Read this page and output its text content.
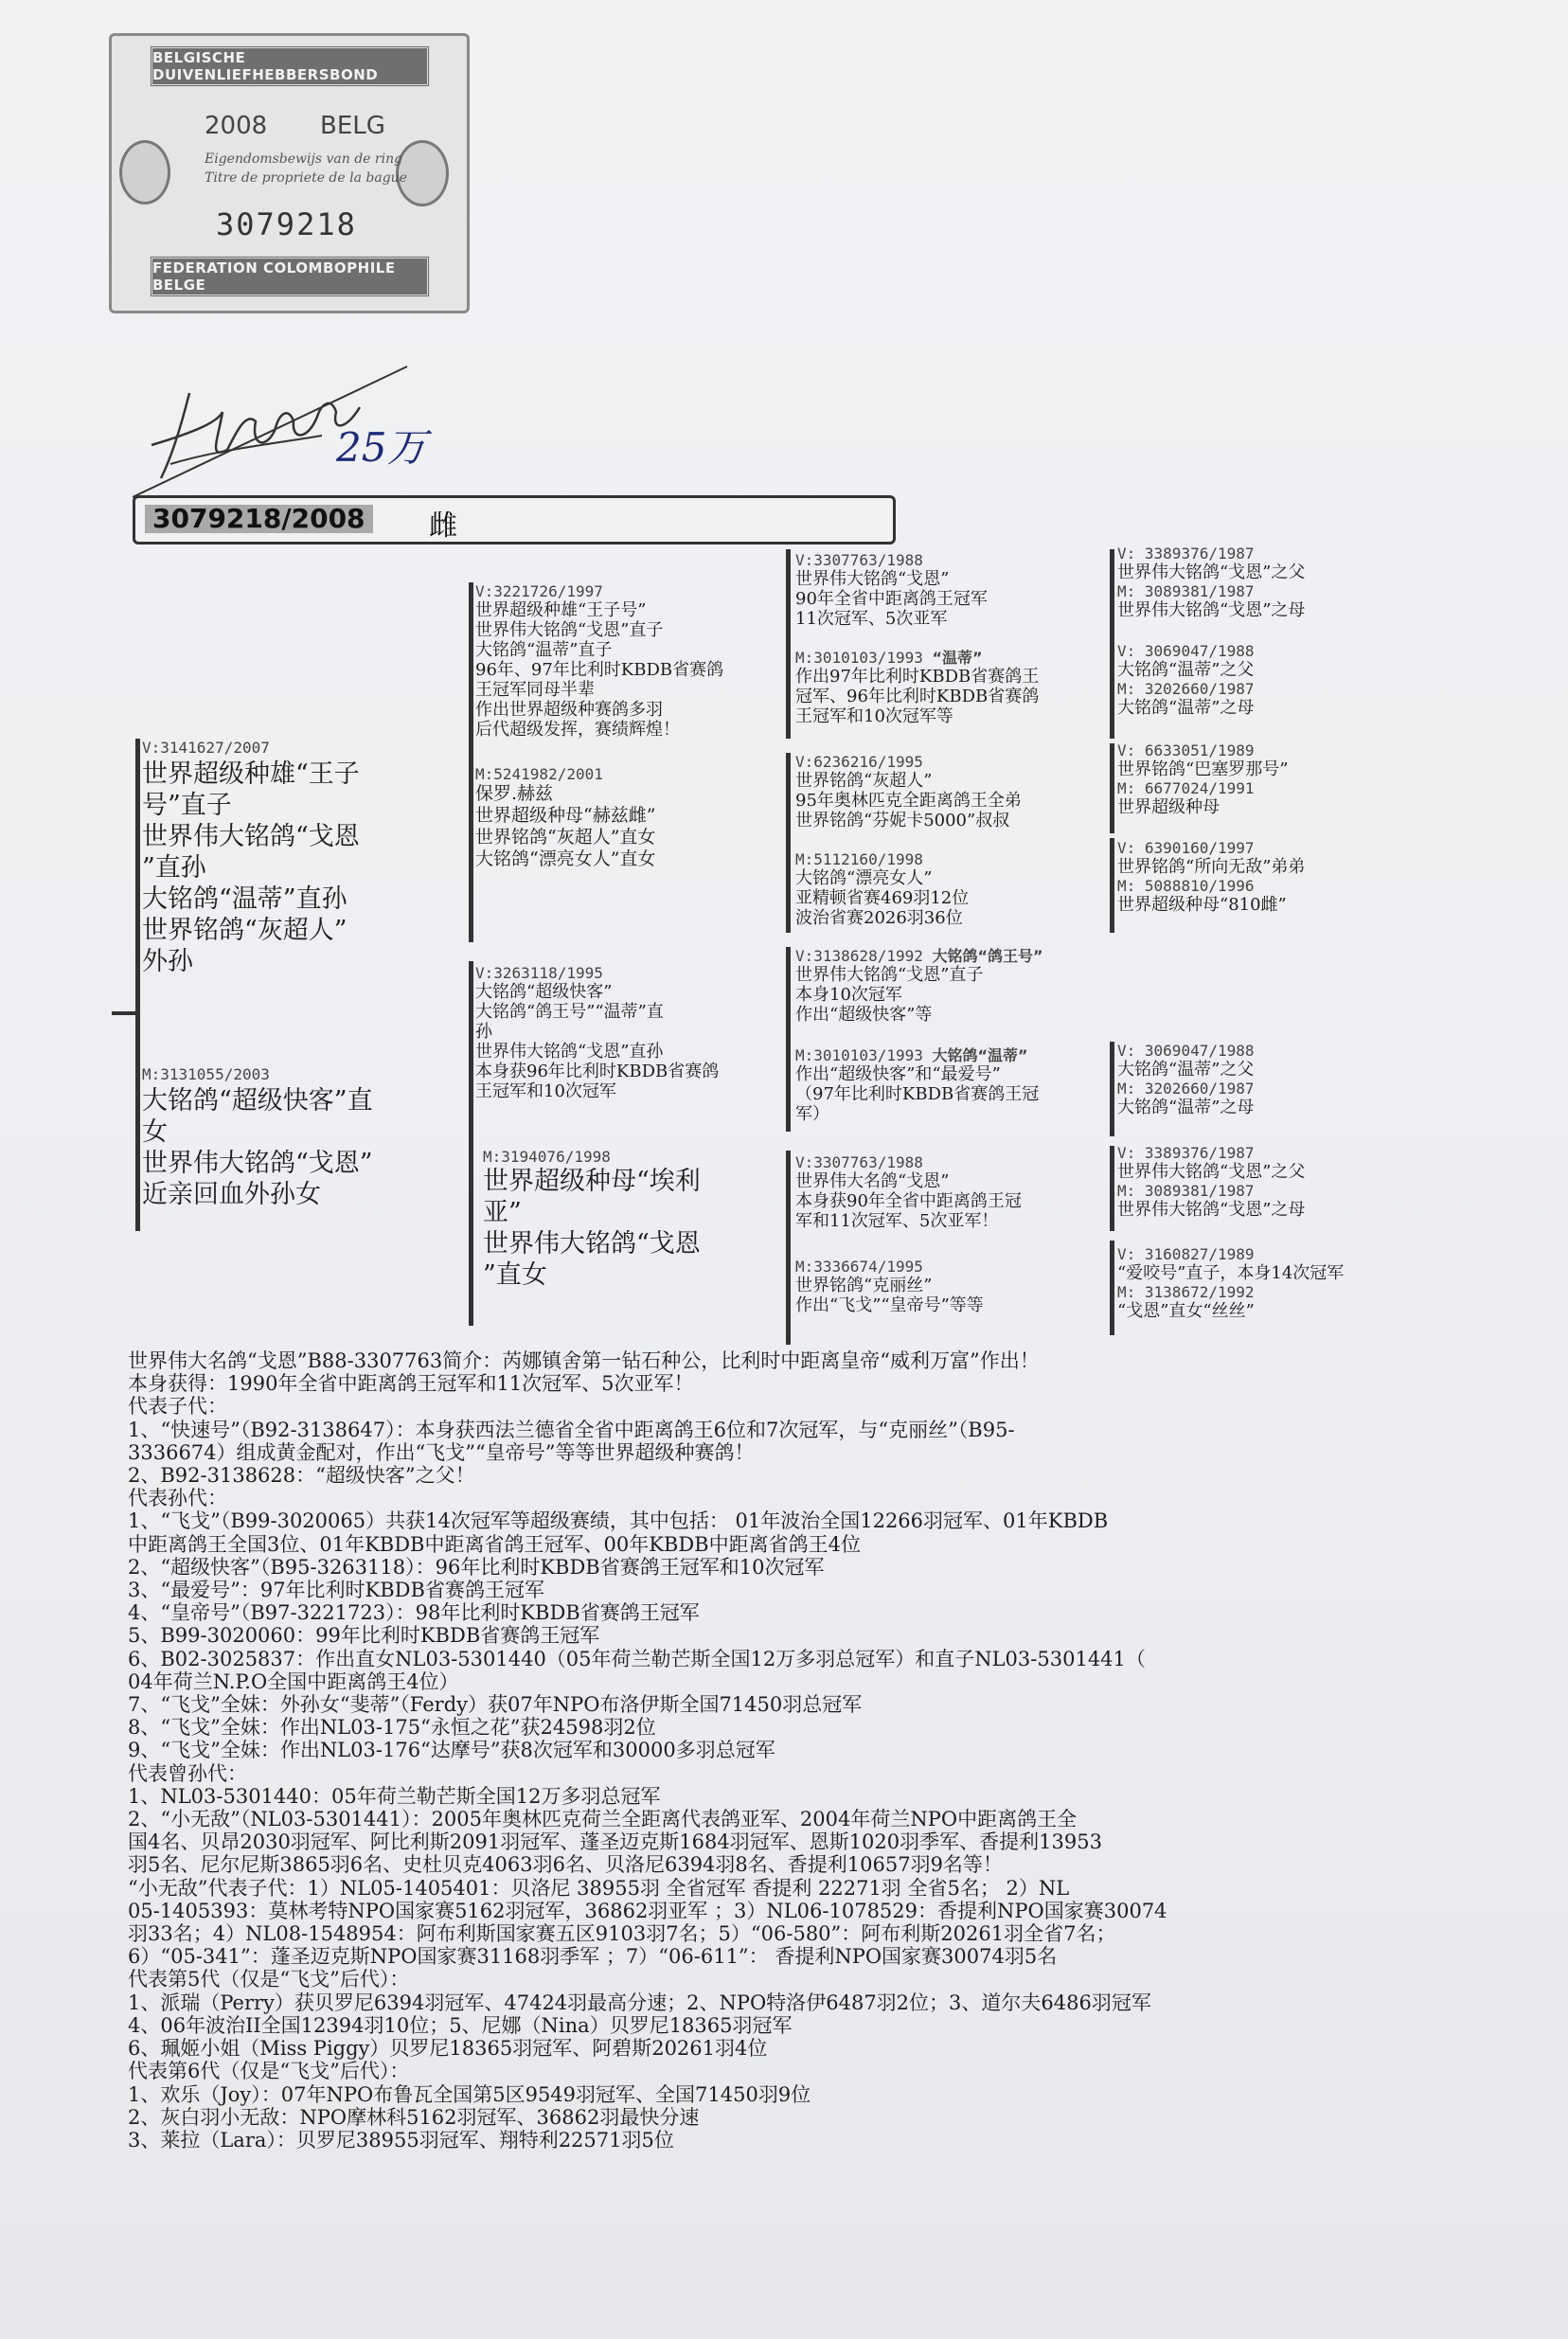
BELGISCHE DUIVENLIEFHEBBERSBOND
2008 BELG
Eigendomsbewijs van de ring
Titre de propriete de la bague
3079218
FEDERATION COLOMBOPHILE BELGE
25万
3079218/2008 雌
V:3141627/2007
世界超级种雄“王子
号”直子
世界伟大铭鸽“戈恩
”直孙
大铭鸽“温蒂”直孙
世界铭鸽“灰超人”
外孙
M:3131055/2003
大铭鸽“超级快客”直
女
世界伟大铭鸽“戈恩”
近亲回血外孙女
V:3221726/1997
世界超级种雄“王子号”
世界伟大铭鸽“戈恩”直子
大铭鸽“温蒂”直子
96年、97年比利时KBDB省赛鸽
王冠军同母半辈
作出世界超级种赛鸽多羽
后代超级发挥，赛绩辉煌！
M:5241982/2001
保罗.赫兹
世界超级种母“赫兹雌”
世界铭鸽“灰超人”直女
大铭鸽“漂亮女人”直女
V:3263118/1995
大铭鸽“超级快客”
大铭鸽“鸽王号”“温蒂”直
孙
世界伟大铭鸽“戈恩”直孙
本身获96年比利时KBDB省赛鸽
王冠军和10次冠军
M:3194076/1998
世界超级种母“埃利
亚”
世界伟大铭鸽“戈恩
”直女
V:3307763/1988
世界伟大铭鸽“戈恩”
90年全省中距离鸽王冠军
11次冠军、5次亚军
M:3010103/1993 “温蒂”
作出97年比利时KBDB省赛鸽王
冠军、96年比利时KBDB省赛鸽
王冠军和10次冠军等
V:6236216/1995
世界铭鸽“灰超人”
95年奥林匹克全距离鸽王全弟
世界铭鸽“芬妮卡5000”叔叔
M:5112160/1998
大铭鸽“漂亮女人”
亚精顿省赛469羽12位
波治省赛2026羽36位
V:3138628/1992 大铭鸽“鸽王号”
世界伟大铭鸽“戈恩”直子
本身10次冠军
作出“超级快客”等
M:3010103/1993 大铭鸽“温蒂”
作出“超级快客”和“最爱号”
（97年比利时KBDB省赛鸽王冠
军）
V:3307763/1988
世界伟大名鸽“戈恩”
本身获90年全省中距离鸽王冠
军和11次冠军、5次亚军！
M:3336674/1995
世界铭鸽“克丽丝”
作出“飞戈”“皇帝号”等等
V: 3389376/1987
世界伟大铭鸽“戈恩”之父
M: 3089381/1987
世界伟大铭鸽“戈恩”之母
V: 3069047/1988
大铭鸽“温蒂”之父
M: 3202660/1987
大铭鸽“温蒂”之母
V: 6633051/1989
世界铭鸽“巴塞罗那号”
M: 6677024/1991
世界超级种母
V: 6390160/1997
世界铭鸽“所向无敌”弟弟
M: 5088810/1996
世界超级种母“810雌”
V: 3069047/1988
大铭鸽“温蒂”之父
M: 3202660/1987
大铭鸽“温蒂”之母
V: 3389376/1987
世界伟大铭鸽“戈恩”之父
M: 3089381/1987
世界伟大铭鸽“戈恩”之母
V: 3160827/1989
“爱咬号”直子，本身14次冠军
M: 3138672/1992
“戈恩”直女“丝丝”
世界伟大名鸽“戈恩”B88-3307763简介：芮娜镇舍第一钻石种公，比利时中距离皇帝“威利万富”作出！
本身获得：1990年全省中距离鸽王冠军和11次冠军、5次亚军！
代表子代：
1、“快速号”（B92-3138647）：本身获西法兰德省全省中距离鸽王6位和7次冠军，与“克丽丝”（B95-
3336674）组成黄金配对，作出“飞戈”“皇帝号”等等世界超级种赛鸽！
2、B92-3138628：“超级快客”之父！
代表孙代：
1、“飞戈”（B99-3020065）共获14次冠军等超级赛绩，其中包括： 01年波治全国12266羽冠军、01年KBDB
中距离鸽王全国3位、01年KBDB中距离省鸽王冠军、00年KBDB中距离省鸽王4位
2、“超级快客”（B95-3263118）：96年比利时KBDB省赛鸽王冠军和10次冠军
3、“最爱号”：97年比利时KBDB省赛鸽王冠军
4、“皇帝号”（B97-3221723）：98年比利时KBDB省赛鸽王冠军
5、B99-3020060：99年比利时KBDB省赛鸽王冠军
6、B02-3025837：作出直女NL03-5301440（05年荷兰勒芒斯全国12万多羽总冠军）和直子NL03-5301441（
04年荷兰N.P.O全国中距离鸽王4位）
7、“飞戈”全妹：外孙女“斐蒂”（Ferdy）获07年NPO布洛伊斯全国71450羽总冠军
8、“飞戈”全妹：作出NL03-175“永恒之花”获24598羽2位
9、“飞戈”全妹：作出NL03-176“达摩号”获8次冠军和30000多羽总冠军
代表曾孙代：
1、NL03-5301440：05年荷兰勒芒斯全国12万多羽总冠军
2、“小无敌”（NL03-5301441）：2005年奥林匹克荷兰全距离代表鸽亚军、2004年荷兰NPO中距离鸽王全
国4名、贝昂2030羽冠军、阿比利斯2091羽冠军、蓬圣迈克斯1684羽冠军、恩斯1020羽季军、香提利13953
羽5名、尼尔尼斯3865羽6名、史杜贝克4063羽6名、贝洛尼6394羽8名、香提利10657羽9名等！
“小无敌”代表子代：1）NL05-1405401：贝洛尼 38955羽 全省冠军 香提利 22271羽 全省5名； 2）NL
05-1405393：莫林考特NPO国家赛5162羽冠军，36862羽亚军 ；3）NL06-1078529：香提利NPO国家赛30074
羽33名；4）NL08-1548954：阿布利斯国家赛五区9103羽7名；5）“06-580”：阿布利斯20261羽全省7名；
6）“05-341”：蓬圣迈克斯NPO国家赛31168羽季军 ；7）“06-611”： 香提利NPO国家赛30074羽5名
代表第5代（仅是“飞戈”后代）：
1、派瑞（Perry）获贝罗尼6394羽冠军、47424羽最高分速；2、NPO特洛伊6487羽2位；3、道尔夫6486羽冠军
4、06年波治II全国12394羽10位；5、尼娜（Nina）贝罗尼18365羽冠军
6、珮姬小姐（Miss Piggy）贝罗尼18365羽冠军、阿碧斯20261羽4位
代表第6代（仅是“飞戈”后代）：
1、欢乐（Joy）：07年NPO布鲁瓦全国第5区9549羽冠军、全国71450羽9位
2、灰白羽小无敌：NPO摩林科5162羽冠军、36862羽最快分速
3、莱拉（Lara）：贝罗尼38955羽冠军、翔特利22571羽5位
